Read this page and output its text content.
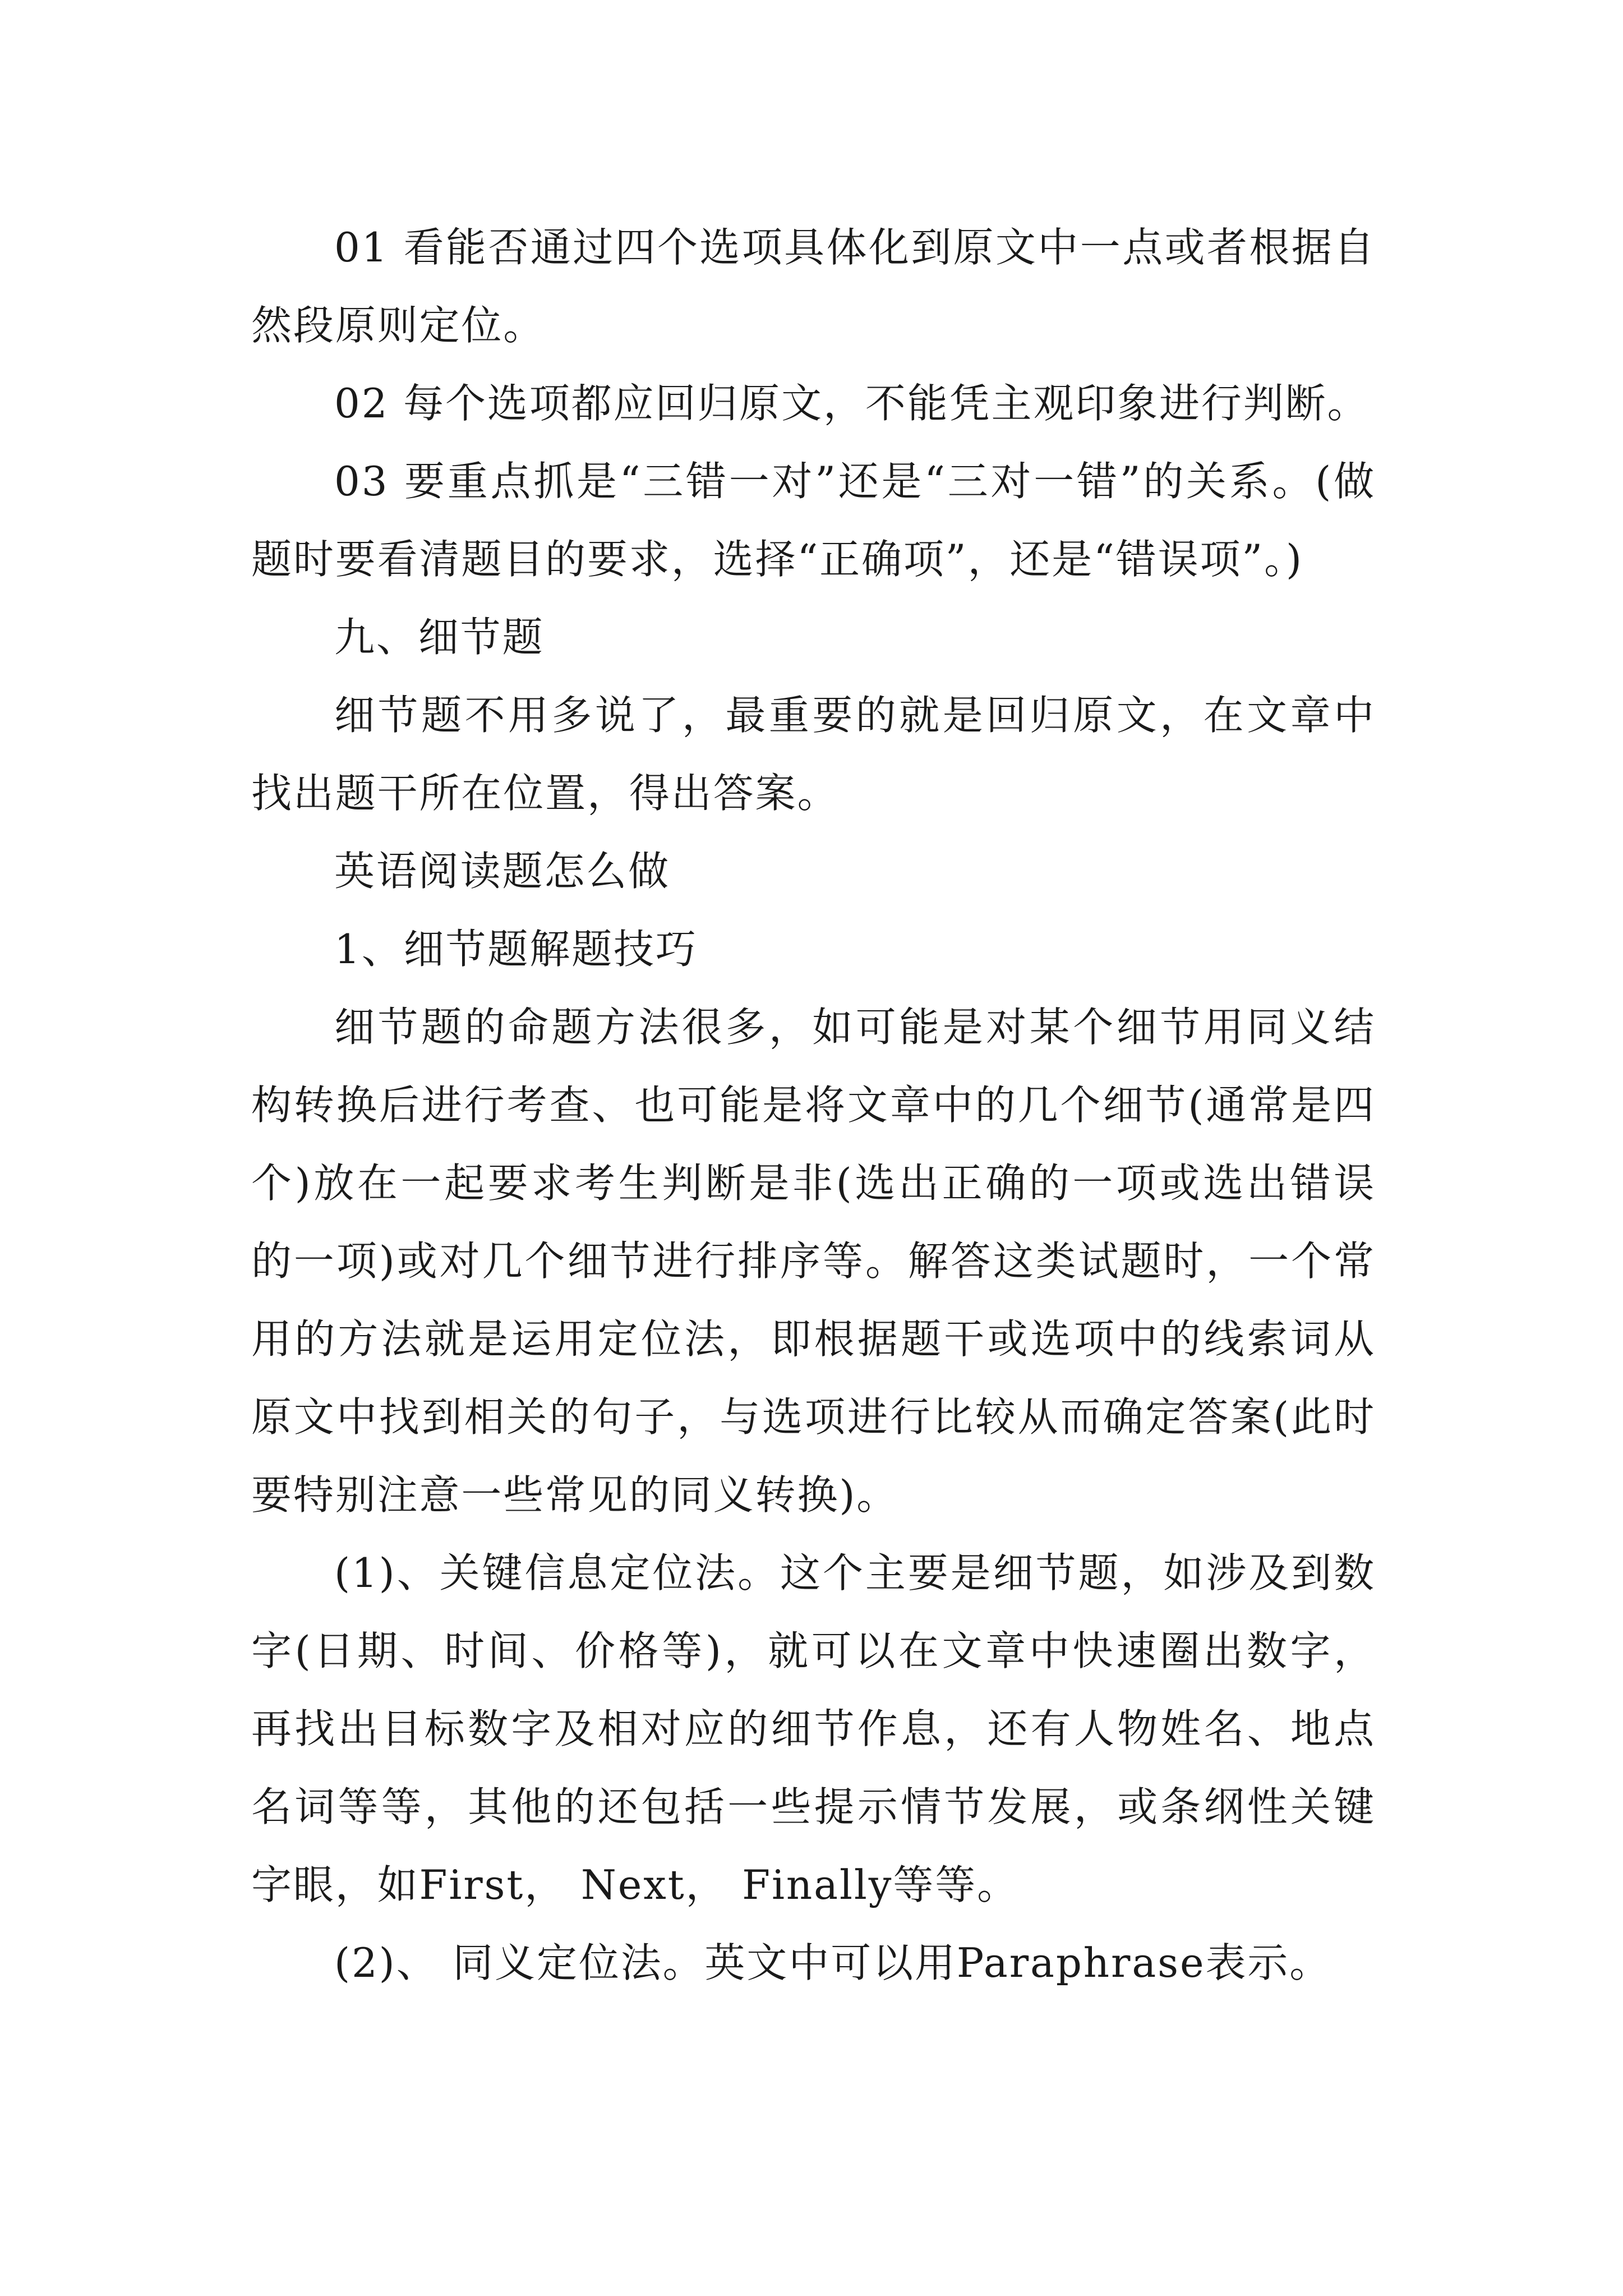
01 看能否通过四个选项具体化到原文中一点或者根据自然段原则定位。

02 每个选项都应回归原文，不能凭主观印象进行判断。

03 要重点抓是“三错一对”还是“三对一错”的关系。(做题时要看清题目的要求，选择“正确项”，还是“错误项”。)

九、细节题

细节题不用多说了，最重要的就是回归原文，在文章中找出题干所在位置，得出答案。

英语阅读题怎么做

1、细节题解题技巧

细节题的命题方法很多，如可能是对某个细节用同义结构转换后进行考查、也可能是将文章中的几个细节(通常是四个)放在一起要求考生判断是非(选出正确的一项或选出错误的一项)或对几个细节进行排序等。解答这类试题时，一个常用的方法就是运用定位法，即根据题干或选项中的线索词从原文中找到相关的句子，与选项进行比较从而确定答案(此时要特别注意一些常见的同义转换)。

(1)、关键信息定位法。这个主要是细节题，如涉及到数字(日期、时间、价格等)，就可以在文章中快速圈出数字，再找出目标数字及相对应的细节作息，还有人物姓名、地点名词等等，其他的还包括一些提示情节发展，或条纲性关键字眼，如First， Next， Finally等等。

(2)、 同义定位法。英文中可以用Paraphrase表示。
